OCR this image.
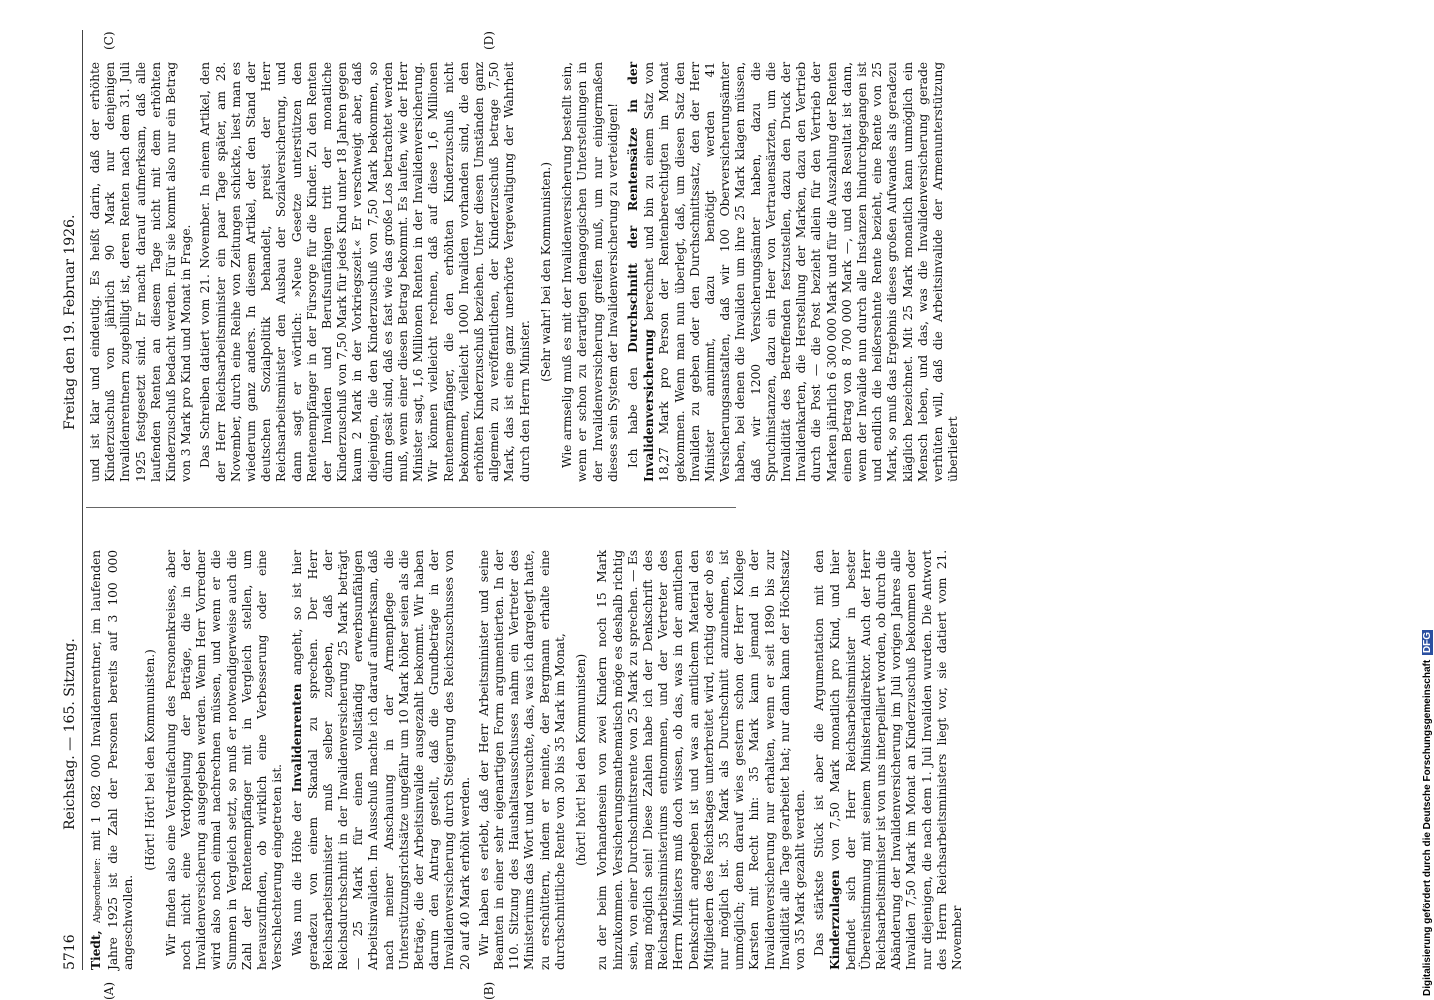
5716
Reichstag. — 165. Sitzung.
Freitag den 19. Februar 1926.
(A)	(B)
(C)	(D)

Tiedt, Abgeordneter: mit 1 082 000 Invalidenrentner, im laufenden Jahre 1925 ist die Zahl der Personen bereits auf 3 100 000 angeschwollen.

(Hört! Hört! bei den Kommunisten.) Wir finden also eine Verdreifachung des Personenkreises, aber noch nicht eine Verdoppelung der Beträge, die in der Invalidenversicherung ausgegeben werden. Wenn Herr Vorredner wird also noch einmal nachrechnen müssen, und wenn er die Summen in Vergleich setzt, so muß er notwendigerweise auch die Zahl der Rentenempfänger mit in Vergleich stellen, um herauszufinden, ob wirklich eine Verbesserung oder eine Verschlechterung eingetreten ist. Was nun die Höhe der Invalidenrenten angeht, so ist hier geradezu von einem Skandal zu sprechen. Der Herr Reichsarbeitsminister muß selber zugeben, daß der Reichsdurchschnitt in der Invalidenversicherung 25 Mark beträgt — 25 Mark für einen vollständig erwerbsunfähigen Arbeitsinvaliden. Im Ausschuß machte ich darauf aufmerksam, daß nach meiner Anschauung in der Armenpflege die Unterstützungsrichtsätze ungefähr um 10 Mark höher seien als die Beträge, die der Arbeitsinvalide ausgezahlt bekommt. Wir haben darum den Antrag gestellt, daß die Grundbeträge in der Invalidenversicherung durch Steigerung des Reichszuschusses von 20 auf 40 Mark erhöht werden. Wir haben es erlebt, daß der Herr Arbeitsminister und seine Beamten in einer sehr eigenartigen Form argumentierten. In der 110. Sitzung des Haushaltsausschusses nahm ein Vertreter des Ministeriums das Wort und versuchte, das, was ich dargelegt hatte, zu erschüttern, indem er meinte, der Bergmann erhalte eine durchschnittliche Rente von 30 bis 35 Mark im Monat, (hört! hört! bei den Kommunisten) zu der beim Vorhandensein von zwei Kindern noch 15 Mark hinzukommen. Versicherungsmathematisch möge es deshalb richtig sein, von einer Durchschnittsrente von 25 Mark zu sprechen. — Es mag möglich sein! Diese Zahlen habe ich der Denkschrift des Reichsarbeitsministeriums entnommen, und der Vertreter des Herrn Ministers muß doch wissen, ob das, was in der amtlichen Denkschrift angegeben ist und was an amtlichem Material den Mitgliedern des Reichstages unterbreitet wird, richtig oder ob es nur möglich ist. 35 Mark als Durchschnitt anzunehmen, ist unmöglich; denn darauf wies gestern schon der Herr Kollege Karsten mit Recht hin: 35 Mark kann jemand in der Invalidenversicherung nur erhalten, wenn er seit 1890 bis zur Invalidität alle Tage gearbeitet hat; nur dann kann der Höchstsatz von 35 Mark gezahlt werden. Das stärkste Stück ist aber die Argumentation mit den Kinderzulagen von 7,50 Mark monatlich pro Kind, und hier befindet sich der Herr Reichsarbeitsminister in bester Übereinstimmung mit seinem Ministerialdirektor. Auch der Herr Reichsarbeitsminister ist von uns interpelliert worden, ob durch die Abänderung der Invalidenversicherung im Juli vorigen Jahres alle Invaliden 7,50 Mark im Monat an Kinderzuschuß bekommen oder nur diejenigen, die nach dem 1. Juli Invaliden wurden. Die Antwort des Herrn Reichsarbeitsministers liegt vor, sie datiert vom 21. November

und ist klar und eindeutig. Es heißt darin, daß der erhöhte Kinderzuschuß von jährlich 90 Mark nur denjenigen Invalidenrentnern zugebilligt ist, deren Renten nach dem 31. Juli 1925 festgesetzt sind. Er macht darauf aufmerksam, daß alle laufenden Renten an diesem Tage nicht mit dem erhöhten Kinderzuschuß bedacht werden. Für sie kommt also nur ein Betrag von 3 Mark pro Kind und Monat in Frage. Das Schreiben datiert vom 21. November. In einem Artikel, den der Herr Reichsarbeitsminister ein paar Tage später, am 28. November, durch eine Reihe von Zeitungen schickte, liest man es wiederum ganz anders. In diesem Artikel, der den Stand der deutschen Sozialpolitik behandelt, preist der Herr Reichsarbeitsminister den Ausbau der Sozialversicherung, und dann sagt er wörtlich: »Neue Gesetze unterstützen den Rentenempfänger in der Fürsorge für die Kinder. Zu den Renten der Invaliden und Berufsunfähigen tritt der monatliche Kinderzuschuß von 7,50 Mark für jedes Kind unter 18 Jahren gegen kaum 2 Mark in der Vorkriegszeit.« Er verschweigt aber, daß diejenigen, die den Kinderzuschuß von 7,50 Mark bekommen, so dünn gesät sind, daß es fast wie das große Los betrachtet werden muß, wenn einer diesen Betrag bekommt. Es laufen, wie der Herr Minister sagt, 1,6 Millionen Renten in der Invalidenversicherung. Wir können vielleicht rechnen, daß auf diese 1,6 Millionen Rentenempfänger, die den erhöhten Kinderzuschuß nicht bekommen, vielleicht 1000 Invaliden vorhanden sind, die den erhöhten Kinderzuschuß beziehen. Unter diesen Umständen ganz allgemein zu veröffentlichen, der Kinderzuschuß betrage 7,50 Mark, das ist eine ganz unerhörte Vergewaltigung der Wahrheit durch den Herrn Minister.

(Sehr wahr! bei den Kommunisten.) Wie armselig muß es mit der Invalidenversicherung bestellt sein, wenn er schon zu derartigen demagogischen Unterstellungen in der Invalidenversicherung greifen muß, um nur einigermaßen dieses sein System der Invalidenversicherung zu verteidigen! Ich habe den Durchschnitt der Rentensätze in der Invalidenversicherung berechnet und bin zu einem Satz von 18,27 Mark pro Person der Rentenberechtigten im Monat gekommen. Wenn man nun überlegt, daß, um diesen Satz den Invaliden zu geben oder den Durchschnittssatz, den der Herr Minister annimmt, dazu benötigt werden 41 Versicherungsanstalten, daß wir 100 Oberversicherungsämter haben, bei denen die Invaliden um ihre 25 Mark klagen müssen, daß wir 1200 Versicherungsämter haben, dazu die Spruchinstanzen, dazu ein Heer von Vertrauensärzten, um die Invalidität des Betreffenden festzustellen, dazu den Druck der Invalidenkarten, die Herstellung der Marken, dazu den Vertrieb durch die Post — die Post bezieht allein für den Vertrieb der Marken jährlich 6 300 000 Mark und für die Auszahlung der Renten einen Betrag von 8 700 000 Mark —, und das Resultat ist dann, wenn der Invalide nun durch alle Instanzen hindurchgegangen ist und endlich die heißersehnte Rente bezieht, eine Rente von 25 Mark, so muß das Ergebnis dieses großen Aufwandes als geradezu kläglich bezeichnet. Mit 25 Mark monatlich kann unmöglich ein Mensch leben, und das, was die Invalidenversicherung gerade verhüten will, daß die Arbeitsinvalide der Armenunterstützung überliefert

Digitalisierung gefördert durch die Deutsche Forschungsgemeinschaft DFG
